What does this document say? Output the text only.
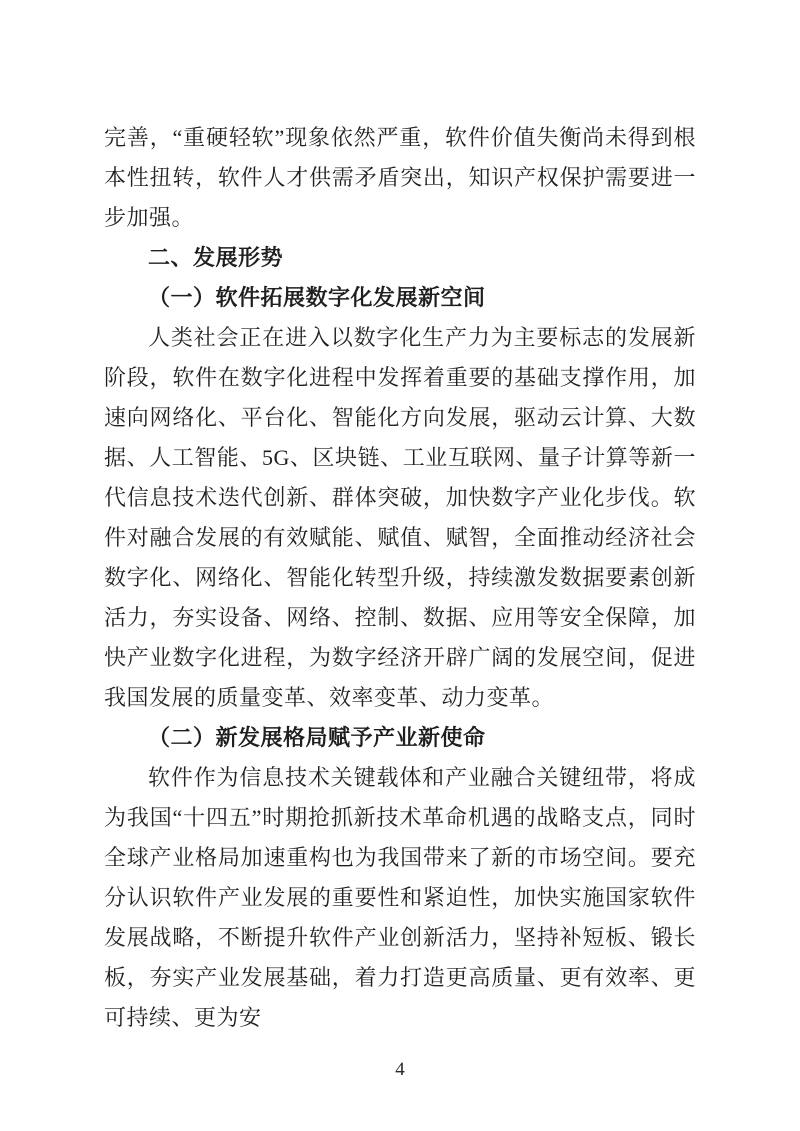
完善，“重硬轻软”现象依然严重，软件价值失衡尚未得到根本性扭转，软件人才供需矛盾突出，知识产权保护需要进一步加强。

二、发展形势
（一）软件拓展数字化发展新空间

人类社会正在进入以数字化生产力为主要标志的发展新阶段，软件在数字化进程中发挥着重要的基础支撑作用，加速向网络化、平台化、智能化方向发展，驱动云计算、大数据、人工智能、5G、区块链、工业互联网、量子计算等新一代信息技术迭代创新、群体突破，加快数字产业化步伐。软件对融合发展的有效赋能、赋值、赋智，全面推动经济社会数字化、网络化、智能化转型升级，持续激发数据要素创新活力，夯实设备、网络、控制、数据、应用等安全保障，加快产业数字化进程，为数字经济开辟广阔的发展空间，促进我国发展的质量变革、效率变革、动力变革。

（二）新发展格局赋予产业新使命

软件作为信息技术关键载体和产业融合关键纽带，将成为我国“十四五”时期抢抓新技术革命机遇的战略支点，同时全球产业格局加速重构也为我国带来了新的市场空间。要充分认识软件产业发展的重要性和紧迫性，加快实施国家软件发展战略，不断提升软件产业创新活力，坚持补短板、锻长板，夯实产业发展基础，着力打造更高质量、更有效率、更可持续、更为安

4
